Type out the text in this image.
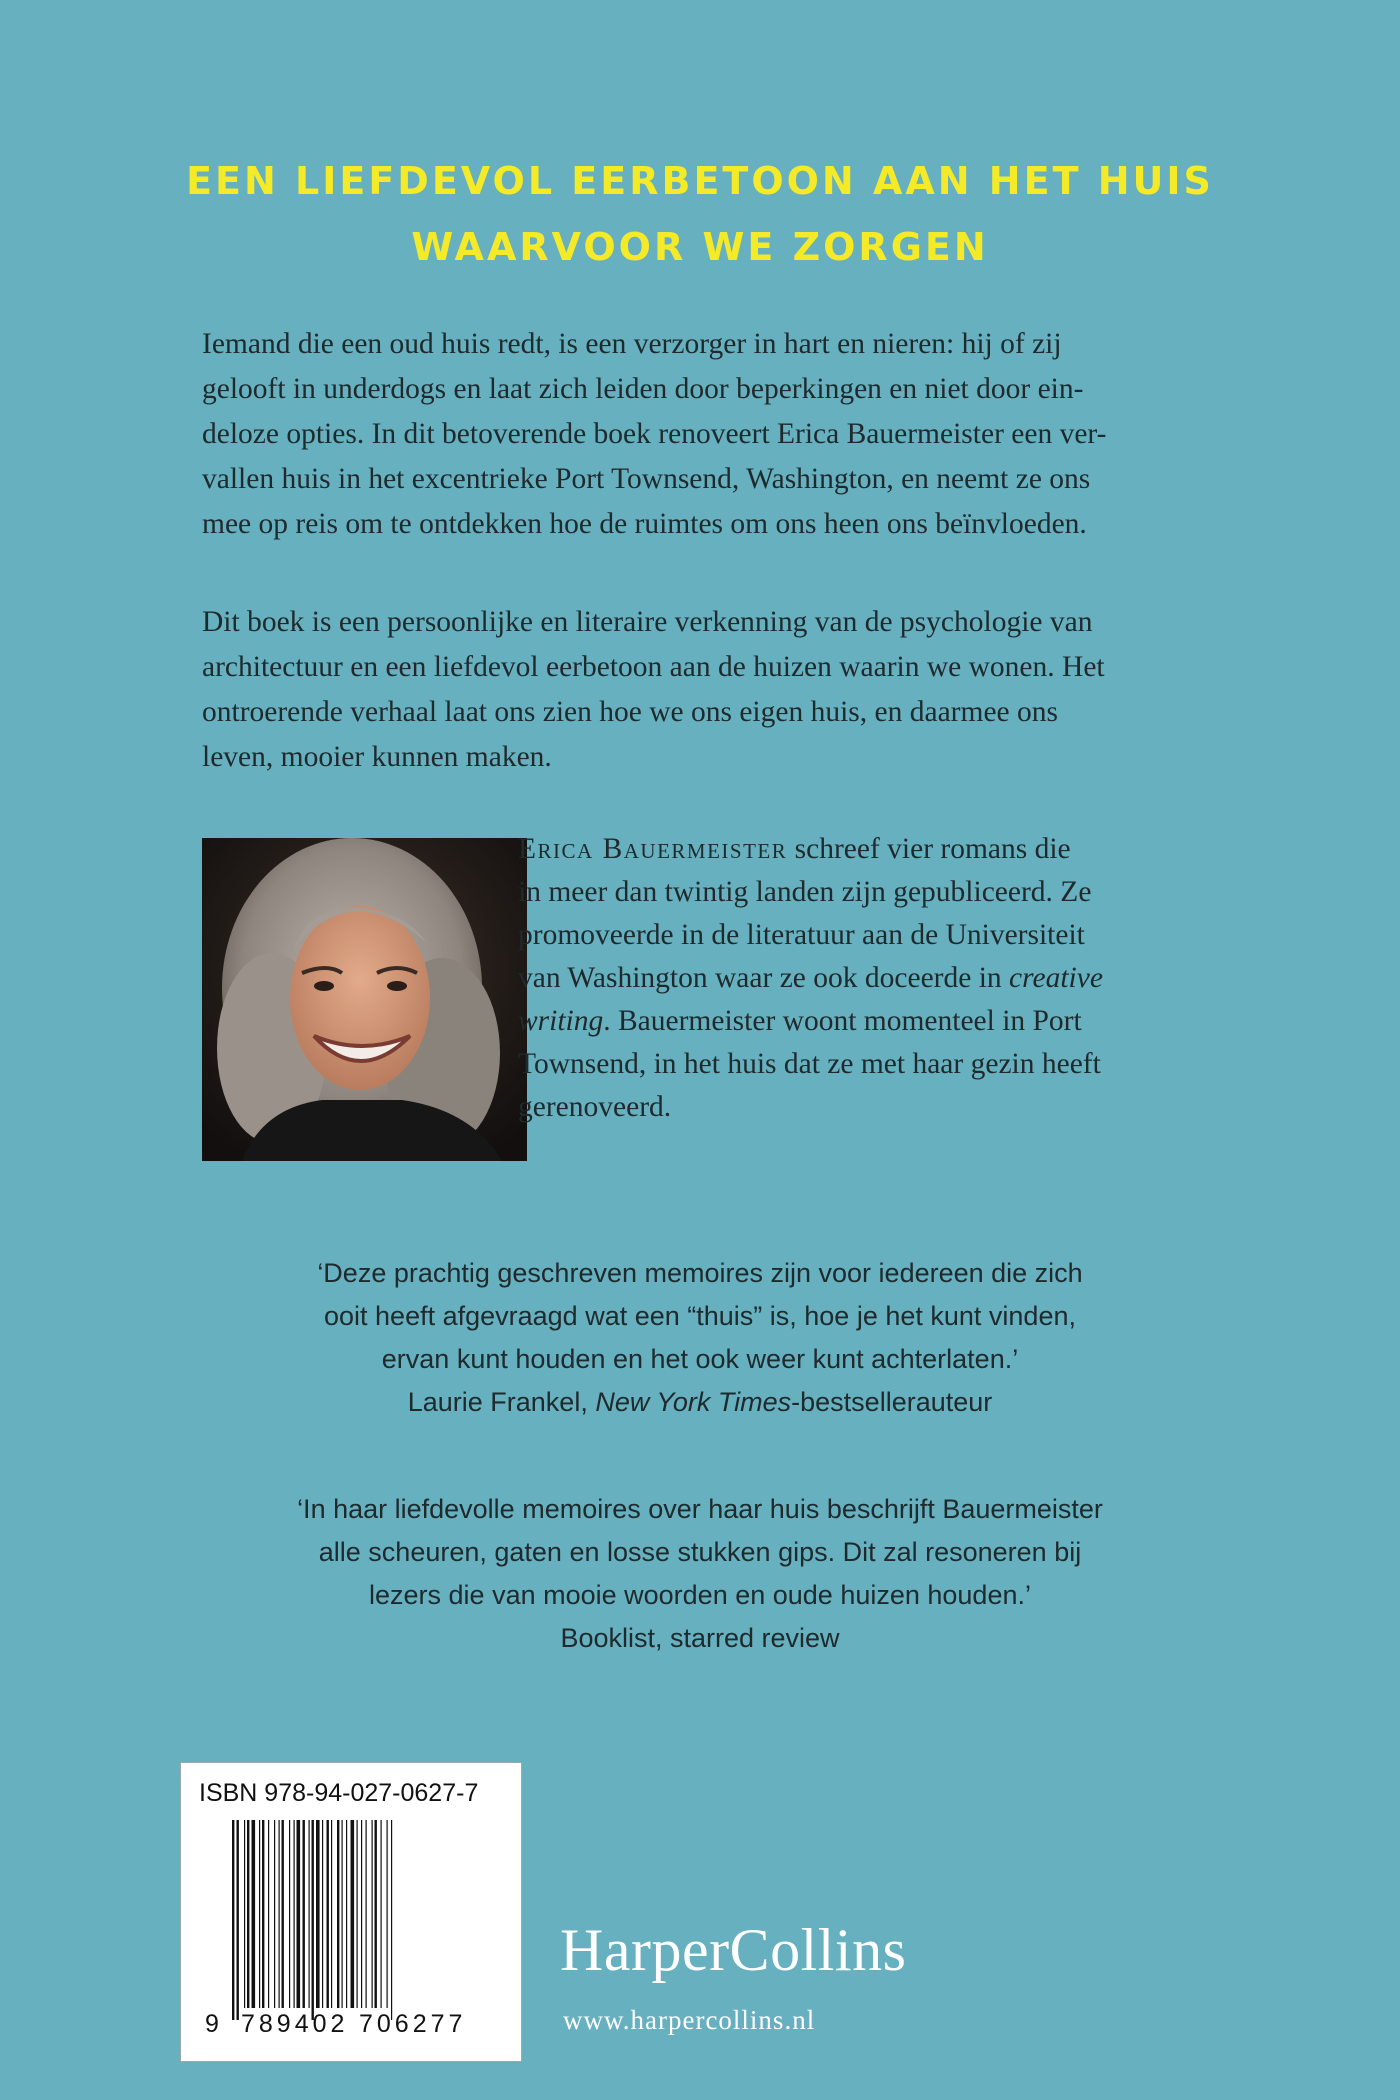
EEN LIEFDEVOL EERBETOON AAN HET HUIS
WAARVOOR WE ZORGEN

Iemand die een oud huis redt, is een verzorger in hart en nieren: hij of zij
gelooft in underdogs en laat zich leiden door beperkingen en niet door ein-
deloze opties. In dit betoverende boek renoveert Erica Bauermeister een ver-
vallen huis in het excentrieke Port Townsend, Washington, en neemt ze ons
mee op reis om te ontdekken hoe de ruimtes om ons heen ons beïnvloeden.

Dit boek is een persoonlijke en literaire verkenning van de psychologie van
architectuur en een liefdevol eerbetoon aan de huizen waarin we wonen. Het
ontroerende verhaal laat ons zien hoe we ons eigen huis, en daarmee ons
leven, mooier kunnen maken.

Erica Bauermeister schreef vier romans die
in meer dan twintig landen zijn gepubliceerd. Ze
promoveerde in de literatuur aan de Universiteit
van Washington waar ze ook doceerde in creative
writing. Bauermeister woont momenteel in Port
Townsend, in het huis dat ze met haar gezin heeft
gerenoveerd.

‘Deze prachtig geschreven memoires zijn voor iedereen die zich
ooit heeft afgevraagd wat een “thuis” is, hoe je het kunt vinden,
ervan kunt houden en het ook weer kunt achterlaten.’
Laurie Frankel, New York Times-bestsellerauteur

‘In haar liefdevolle memoires over haar huis beschrijft Bauermeister
alle scheuren, gaten en losse stukken gips. Dit zal resoneren bij
lezers die van mooie woorden en oude huizen houden.’
Booklist, starred review

ISBN 978-94-027-0627-7
9 789402 706277
HarperCollins
www.harpercollins.nl
